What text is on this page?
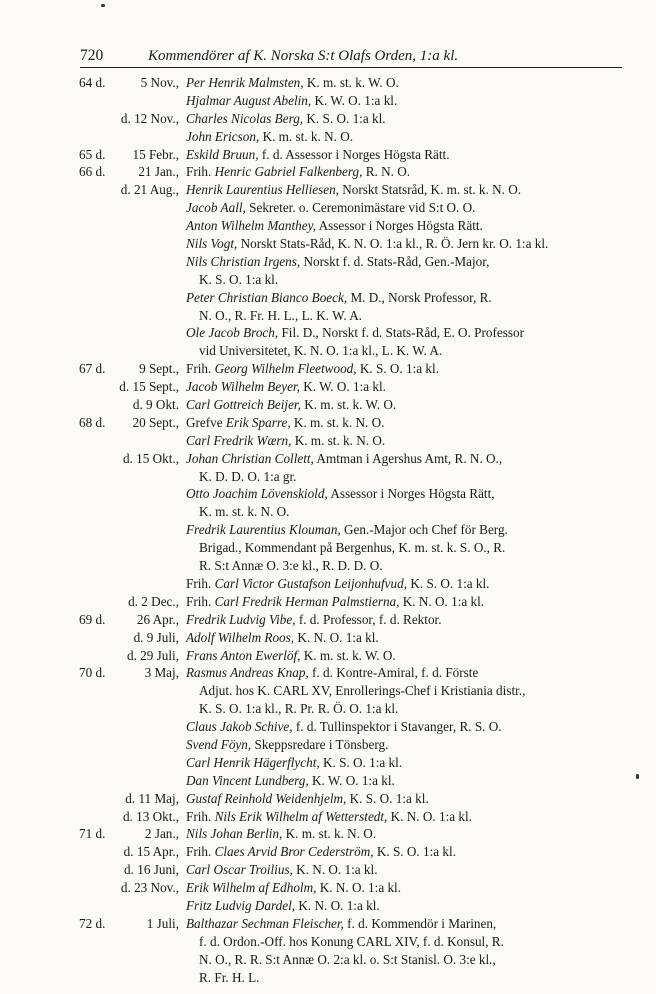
720	Kommendörer af K. Norska S:t Olafs Orden, 1:a kl.
64 d.	5 Nov., Per Henrik Malmsten, K. m. st. k. W. O.
Hjalmar August Abelin, K. W. O. 1:a kl.
d. 12 Nov., Charles Nicolas Berg, K. S. O. 1:a kl.
John Ericson, K. m. st. k. N. O.
65 d.	15 Febr., Eskild Bruun, f. d. Assessor i Norges Högsta Rätt.
66 d.	21 Jan., Frih. Henric Gabriel Falkenberg, R. N. O.
d. 21 Aug., Henrik Laurentius Helliesen, Norskt Statsråd, K. m. st. k. N. O.
Jacob Aall, Sekreter. o. Ceremonimästare vid S:t O. O.
Anton Wilhelm Manthey, Assessor i Norges Högsta Rätt.
Nils Vogt, Norskt Stats-Råd, K. N. O. 1:a kl., R. Ö. Jern kr. O. 1:a kl.
Nils Christian Irgens, Norskt f. d. Stats-Råd, Gen.-Major,
K. S. O. 1:a kl.
Peter Christian Bianco Boeck, M. D., Norsk Professor, R.
N. O., R. Fr. H. L., L. K. W. A.
Ole Jacob Broch, Fil. D., Norskt f. d. Stats-Råd, E. O. Professor
vid Universitetet, K. N. O. 1:a kl., L. K. W. A.
67 d.	9 Sept., Frih. Georg Wilhelm Fleetwood, K. S. O. 1:a kl.
d. 15 Sept., Jacob Wilhelm Beyer, K. W. O. 1:a kl.
d. 9 Okt. Carl Gottreich Beijer, K. m. st. k. W. O.
68 d.	20 Sept., Grefve Erik Sparre, K. m. st. k. N. O.
Carl Fredrik Wærn, K. m. st. k. N. O.
d. 15 Okt., Johan Christian Collett, Amtman i Agershus Amt, R. N. O.,
K. D. D. O. 1:a gr.
Otto Joachim Lövenskiold, Assessor i Norges Högsta Rätt,
K. m. st. k. N. O.
Fredrik Laurentius Klouman, Gen.-Major och Chef för Berg.
Brigad., Kommendant på Bergenhus, K. m. st. k. S. O., R.
R. S:t Annæ O. 3:e kl., R. D. D. O.
Frih. Carl Victor Gustafson Leijonhufvud, K. S. O. 1:a kl.
d. 2 Dec., Frih. Carl Fredrik Herman Palmstierna, K. N. O. 1:a kl.
69 d.	26 Apr., Fredrik Ludvig Vibe, f. d. Professor, f. d. Rektor.
d. 9 Juli, Adolf Wilhelm Roos, K. N. O. 1:a kl.
d. 29 Juli, Frans Anton Ewerlöf, K. m. st. k. W. O.
70 d.	3 Maj, Rasmus Andreas Knap, f. d. Kontre-Amiral, f. d. Förste
Adjut. hos K. CARL XV, Enrollerings-Chef i Kristiania distr.,
K. S. O. 1:a kl., R. Pr. R. Ö. O. 1:a kl.
Claus Jakob Schive, f. d. Tullinspektor i Stavanger, R. S. O.
Svend Föyn, Skeppsredare i Tönsberg.
Carl Henrik Hägerflycht, K. S. O. 1:a kl.
Dan Vincent Lundberg, K. W. O. 1:a kl.
d. 11 Maj, Gustaf Reinhold Weidenhjelm, K. S. O. 1:a kl.
d. 13 Okt., Frih. Nils Erik Wilhelm af Wetterstedt, K. N. O. 1:a kl.
71 d.	2 Jan., Nils Johan Berlin, K. m. st. k. N. O.
d. 15 Apr., Frih. Claes Arvid Bror Cederström, K. S. O. 1:a kl.
d. 16 Juni, Carl Oscar Troilius, K. N. O. 1:a kl.
d. 23 Nov., Erik Wilhelm af Edholm, K. N. O. 1:a kl.
Fritz Ludvig Dardel, K. N. O. 1:a kl.
72 d.	1 Juli, Balthazar Sechman Fleischer, f. d. Kommendör i Marinen,
f. d. Ordon.-Off. hos Konung CARL XIV, f. d. Konsul, R.
N. O., R. R. S:t Annæ O. 2:a kl. o. S:t Stanisl. O. 3:e kl.,
R. Fr. H. L.
